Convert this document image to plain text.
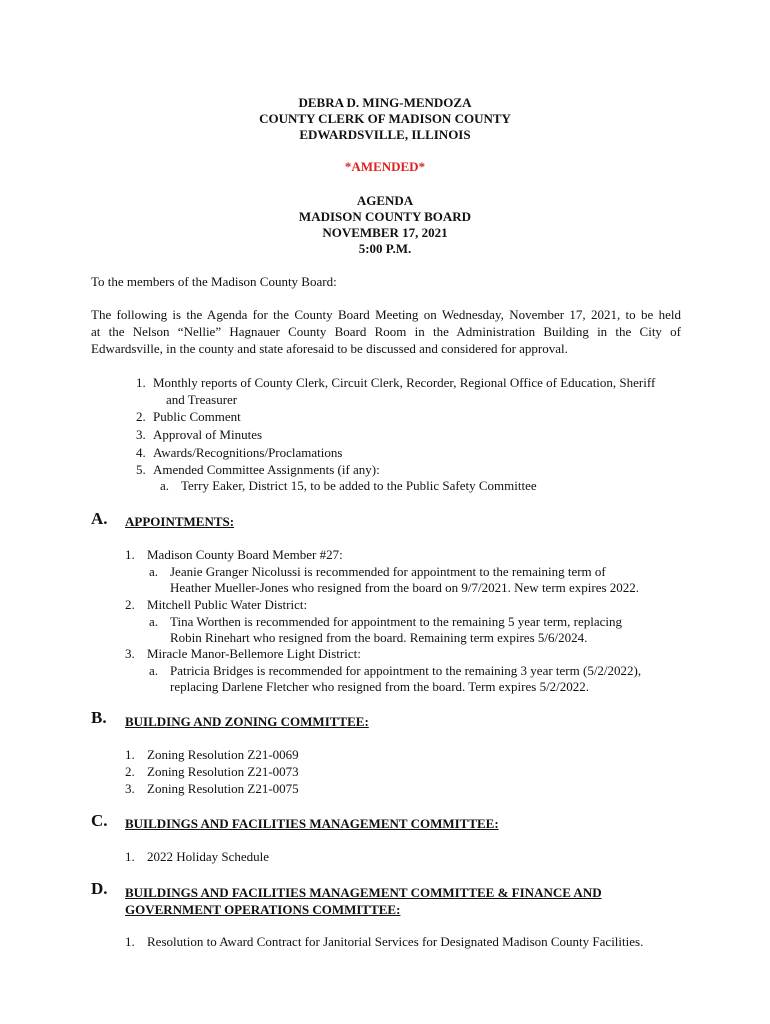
DEBRA D. MING-MENDOZA
COUNTY CLERK OF MADISON COUNTY
EDWARDSVILLE, ILLINOIS
*AMENDED*
AGENDA
MADISON COUNTY BOARD
NOVEMBER 17, 2021
5:00 P.M.
To the members of the Madison County Board:
The following is the Agenda for the County Board Meeting on Wednesday, November 17, 2021, to be held
at the Nelson “Nellie” Hagnauer County Board Room in the Administration Building in the City of
Edwardsville, in the county and state aforesaid to be discussed and considered for approval.
1. Monthly reports of County Clerk, Circuit Clerk, Recorder, Regional Office of Education, Sheriff
and Treasurer
2. Public Comment
3. Approval of Minutes
4. Awards/Recognitions/Proclamations
5. Amended Committee Assignments (if any):
a. Terry Eaker, District 15, to be added to the Public Safety Committee
A. APPOINTMENTS:
1. Madison County Board Member #27:
a. Jeanie Granger Nicolussi is recommended for appointment to the remaining term of
Heather Mueller-Jones who resigned from the board on 9/7/2021. New term expires 2022.
2. Mitchell Public Water District:
a. Tina Worthen is recommended for appointment to the remaining 5 year term, replacing
Robin Rinehart who resigned from the board. Remaining term expires 5/6/2024.
3. Miracle Manor-Bellemore Light District:
a. Patricia Bridges is recommended for appointment to the remaining 3 year term (5/2/2022),
replacing Darlene Fletcher who resigned from the board. Term expires 5/2/2022.
B. BUILDING AND ZONING COMMITTEE:
1. Zoning Resolution Z21-0069
2. Zoning Resolution Z21-0073
3. Zoning Resolution Z21-0075
C. BUILDINGS AND FACILITIES MANAGEMENT COMMITTEE:
1. 2022 Holiday Schedule
D. BUILDINGS AND FACILITIES MANAGEMENT COMMITTEE & FINANCE AND
GOVERNMENT OPERATIONS COMMITTEE:
1. Resolution to Award Contract for Janitorial Services for Designated Madison County Facilities.
